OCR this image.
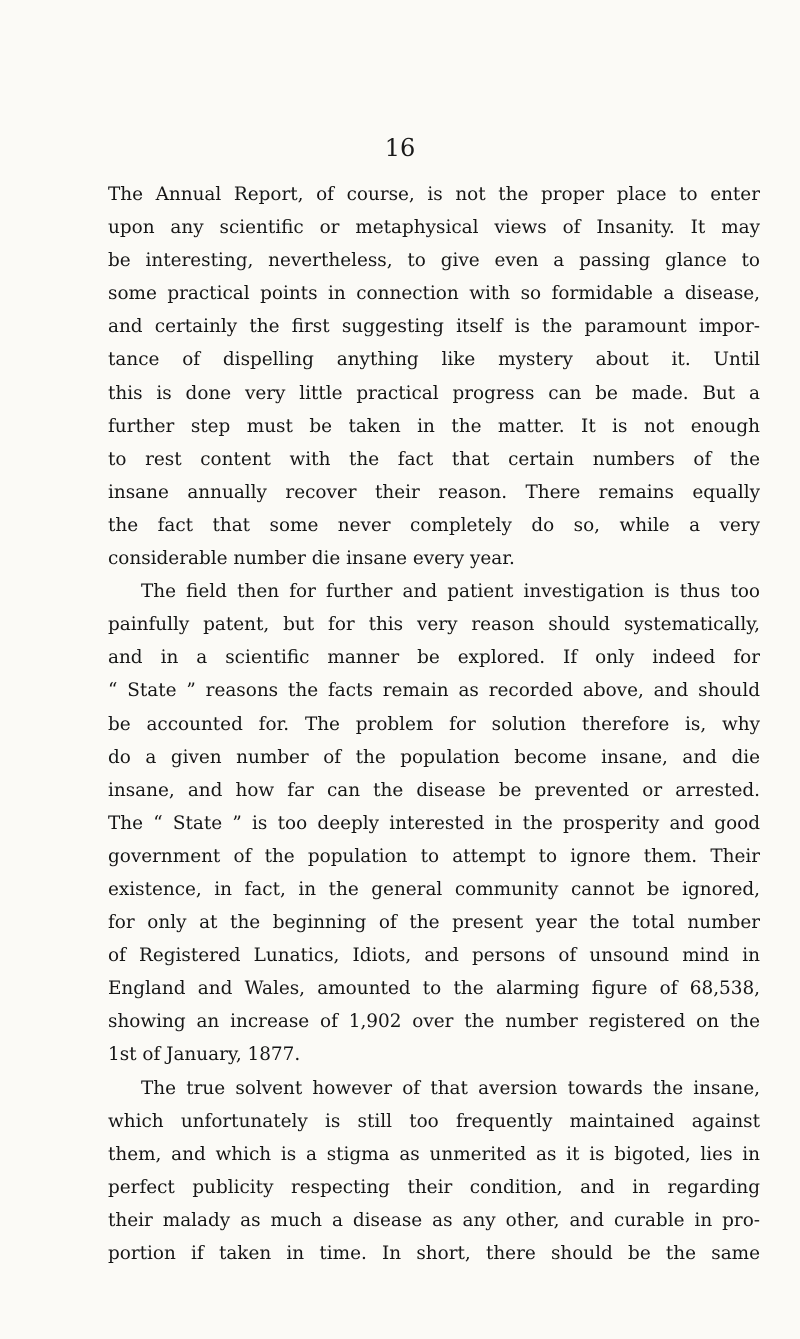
16
The Annual Report, of course, is not the proper place to enter
upon any scientific or metaphysical views of Insanity. It may
be interesting, nevertheless, to give even a passing glance to
some practical points in connection with so formidable a disease,
and certainly the first suggesting itself is the paramount impor-
tance of dispelling anything like mystery about it. Until
this is done very little practical progress can be made. But a
further step must be taken in the matter. It is not enough
to rest content with the fact that certain numbers of the
insane annually recover their reason. There remains equally
the fact that some never completely do so, while a very
considerable number die insane every year.
The field then for further and patient investigation is thus too
painfully patent, but for this very reason should systematically,
and in a scientific manner be explored. If only indeed for
“ State ” reasons the facts remain as recorded above, and should
be accounted for. The problem for solution therefore is, why
do a given number of the population become insane, and die
insane, and how far can the disease be prevented or arrested.
The “ State ” is too deeply interested in the prosperity and good
government of the population to attempt to ignore them. Their
existence, in fact, in the general community cannot be ignored,
for only at the beginning of the present year the total number
of Registered Lunatics, Idiots, and persons of unsound mind in
England and Wales, amounted to the alarming figure of 68,538,
showing an increase of 1,902 over the number registered on the
1st of January, 1877.
The true solvent however of that aversion towards the insane,
which unfortunately is still too frequently maintained against
them, and which is a stigma as unmerited as it is bigoted, lies in
perfect publicity respecting their condition, and in regarding
their malady as much a disease as any other, and curable in pro-
portion if taken in time. In short, there should be the same
